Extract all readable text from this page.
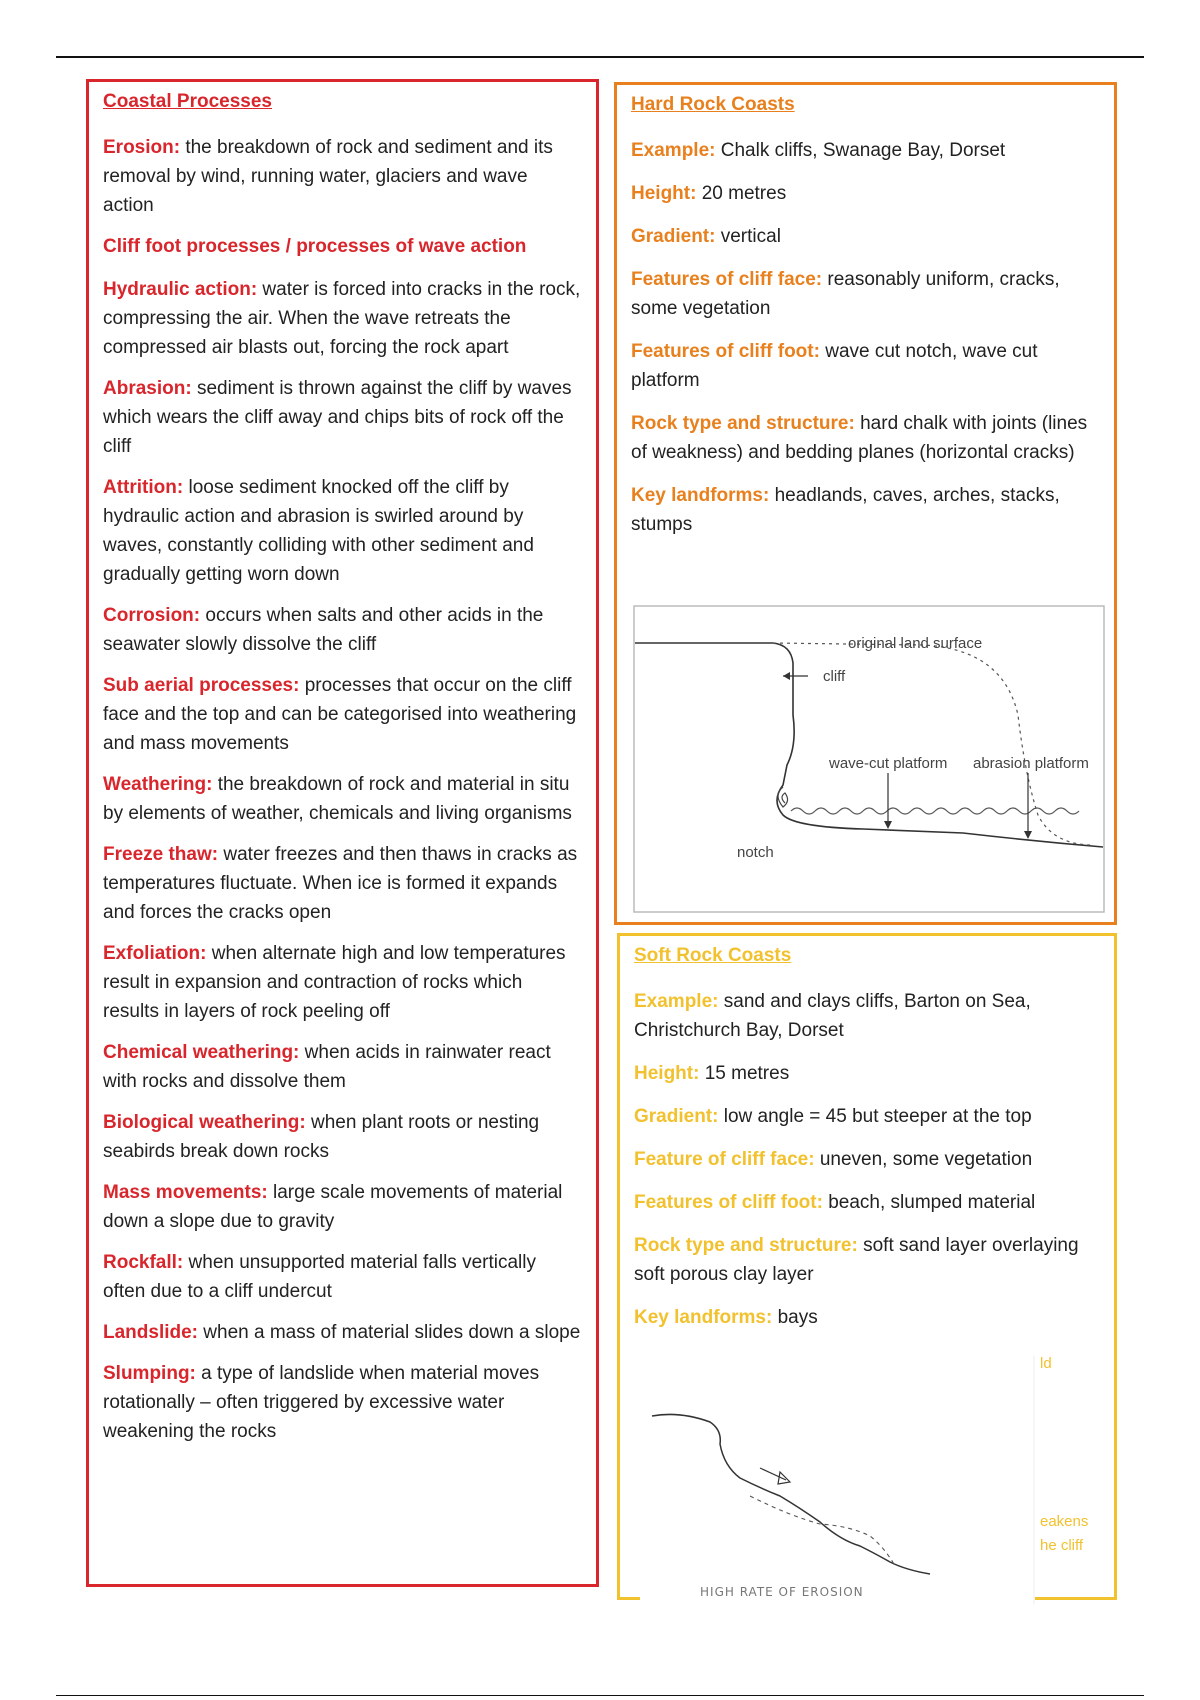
Coastal Processes

Erosion: the breakdown of rock and sediment and its removal by wind, running water, glaciers and wave action

Cliff foot processes / processes of wave action

Hydraulic action: water is forced into cracks in the rock, compressing the air. When the wave retreats the compressed air blasts out, forcing the rock apart

Abrasion: sediment is thrown against the cliff by waves which wears the cliff away and chips bits of rock off the cliff

Attrition: loose sediment knocked off the cliff by hydraulic action and abrasion is swirled around by waves, constantly colliding with other sediment and gradually getting worn down

Corrosion: occurs when salts and other acids in the seawater slowly dissolve the cliff

Sub aerial processes: processes that occur on the cliff face and the top and can be categorised into weathering and mass movements

Weathering: the breakdown of rock and material in situ by elements of weather, chemicals and living organisms

Freeze thaw: water freezes and then thaws in cracks as temperatures fluctuate. When ice is formed it expands and forces the cracks open

Exfoliation: when alternate high and low temperatures result in expansion and contraction of rocks which results in layers of rock peeling off

Chemical weathering: when acids in rainwater react with rocks and dissolve them

Biological weathering: when plant roots or nesting seabirds break down rocks

Mass movements: large scale movements of material down a slope due to gravity

Rockfall: when unsupported material falls vertically often due to a cliff undercut

Landslide: when a mass of material slides down a slope

Slumping: a type of landslide when material moves rotationally – often triggered by excessive water weakening the rocks

Hard Rock Coasts

Example: Chalk cliffs, Swanage Bay, Dorset

Height: 20 metres

Gradient: vertical

Features of cliff face: reasonably uniform, cracks, some vegetation

Features of cliff foot: wave cut notch, wave cut platform

Rock type and structure: hard chalk with joints (lines of weakness) and bedding planes (horizontal cracks)

Key landforms: headlands, caves, arches, stacks, stumps

original land surface
cliff
wave-cut platform abrasion platform
notch
Soft Rock Coasts

Example: sand and clays cliffs, Barton on Sea, Christchurch Bay, Dorset

Height: 15 metres

Gradient: low angle = 45 but steeper at the top

Feature of cliff face: uneven, some vegetation

Features of cliff foot: beach, slumped material

Rock type and structure: soft sand layer overlaying soft porous clay layer

Key landforms: bays

HIGH RATE OF EROSION
ld
eakens
he cliff
